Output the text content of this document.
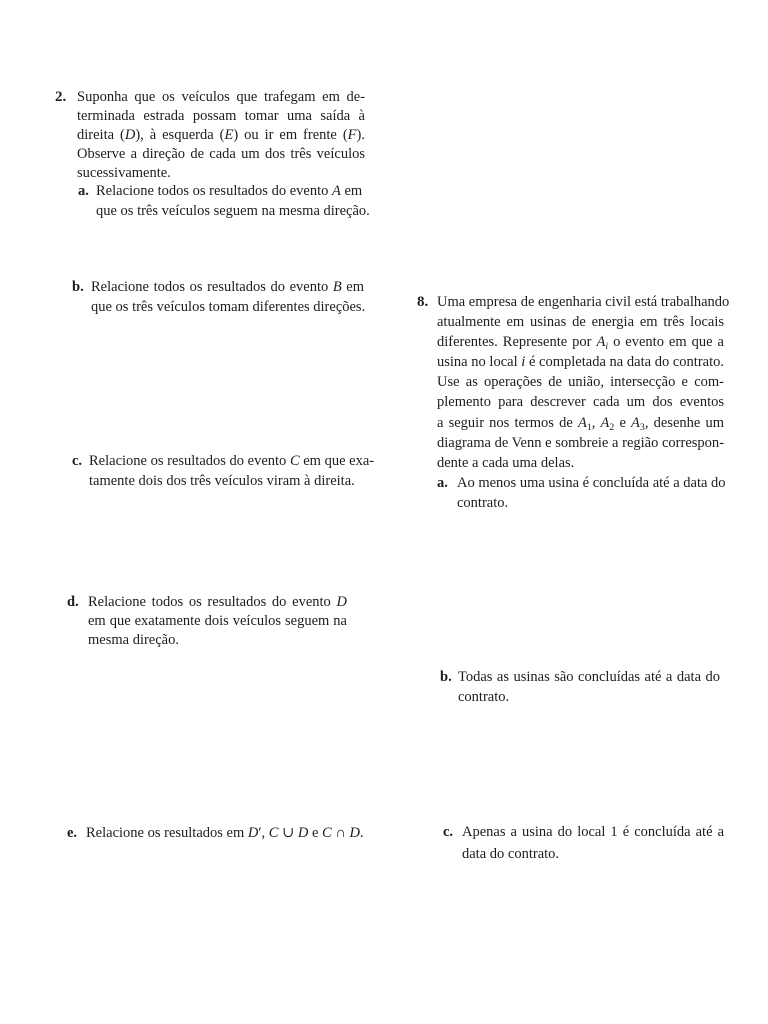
2. Suponha que os veículos que trafegam em de-
terminada estrada possam tomar uma saída à
direita (D), à esquerda (E) ou ir em frente (F).
Observe a direção de cada um dos três veículos
sucessivamente.
a. Relacione todos os resultados do evento A em
que os três veículos seguem na mesma direção.
b. Relacione todos os resultados do evento B em
que os três veículos tomam diferentes direções.
c. Relacione os resultados do evento C em que exa-
tamente dois dos três veículos viram à direita.
d. Relacione todos os resultados do evento D
em que exatamente dois veículos seguem na
mesma direção.
e. Relacione os resultados em D′, C ∪ D e C ∩ D.
8. Uma empresa de engenharia civil está trabalhando
atualmente em usinas de energia em três locais
diferentes. Represente por Ai o evento em que a
usina no local i é completada na data do contrato.
Use as operações de união, intersecção e com-
plemento para descrever cada um dos eventos
a seguir nos termos de A1, A2 e A3, desenhe um
diagrama de Venn e sombreie a região correspon-
dente a cada uma delas.
a. Ao menos uma usina é concluída até a data do
contrato.
b. Todas as usinas são concluídas até a data do
contrato.
c. Apenas a usina do local 1 é concluída até a
data do contrato.
